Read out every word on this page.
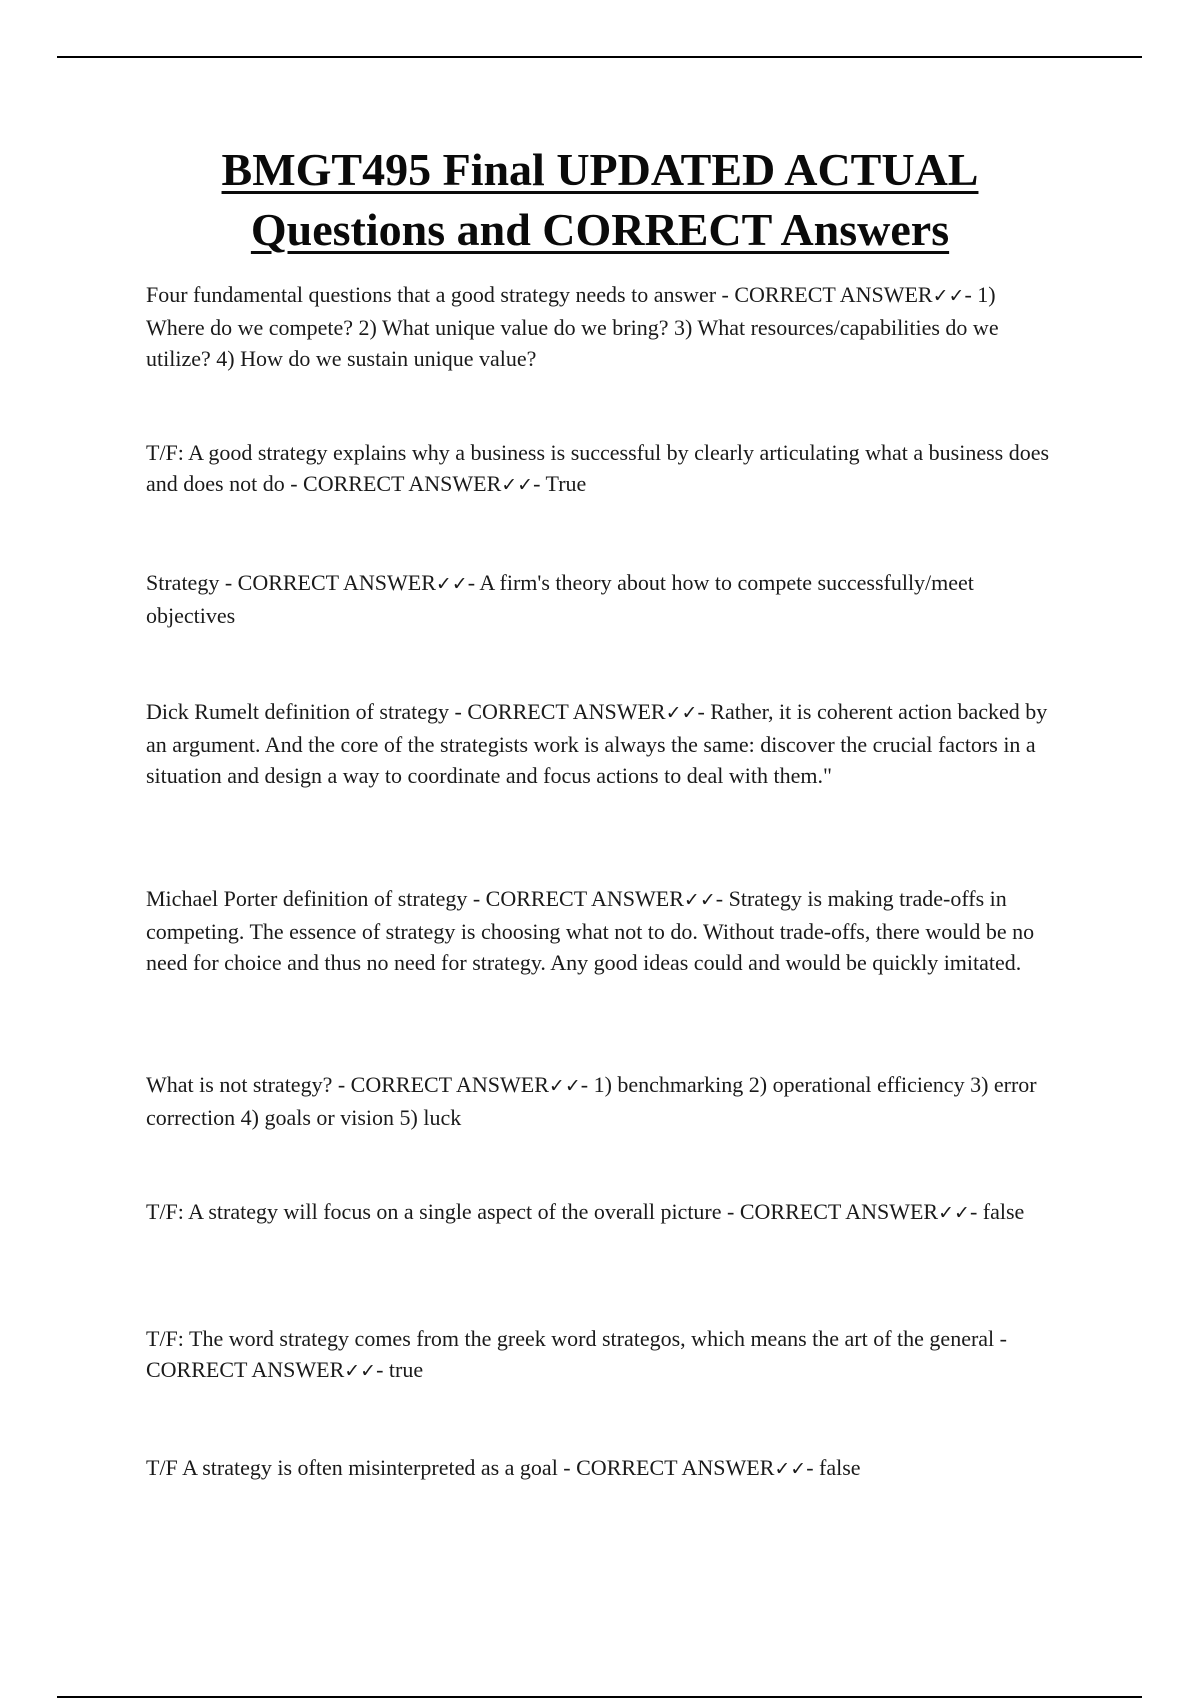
BMGT495 Final UPDATED ACTUAL
Questions and CORRECT Answers

Four fundamental questions that a good strategy needs to answer - CORRECT ANSWER✓✓- 1) Where do we compete? 2) What unique value do we bring? 3) What resources/capabilities do we utilize? 4) How do we sustain unique value?

T/F: A good strategy explains why a business is successful by clearly articulating what a business does and does not do - CORRECT ANSWER✓✓- True

Strategy - CORRECT ANSWER✓✓- A firm's theory about how to compete successfully/meet objectives

Dick Rumelt definition of strategy - CORRECT ANSWER✓✓- Rather, it is coherent action backed by an argument. And the core of the strategists work is always the same: discover the crucial factors in a situation and design a way to coordinate and focus actions to deal with them."

Michael Porter definition of strategy - CORRECT ANSWER✓✓- Strategy is making trade-offs in competing. The essence of strategy is choosing what not to do. Without trade-offs, there would be no need for choice and thus no need for strategy. Any good ideas could and would be quickly imitated.

What is not strategy? - CORRECT ANSWER✓✓- 1) benchmarking 2) operational efficiency 3) error correction 4) goals or vision 5) luck

T/F: A strategy will focus on a single aspect of the overall picture - CORRECT ANSWER✓✓- false

T/F: The word strategy comes from the greek word strategos, which means the art of the general - CORRECT ANSWER✓✓- true

T/F A strategy is often misinterpreted as a goal - CORRECT ANSWER✓✓- false
